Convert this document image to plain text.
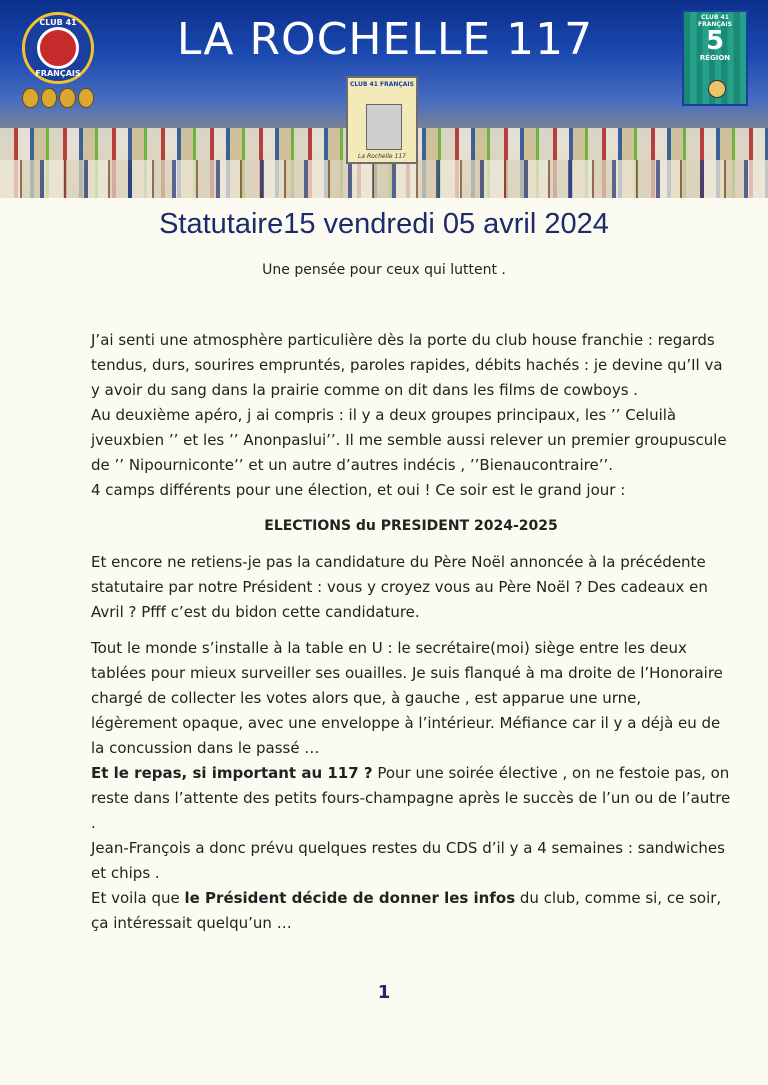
CLUB 41
FRANÇAIS
LA ROCHELLE 117
CLUB 41 FRANÇAIS
La Rochelle 117
CLUB 41 FRANÇAIS
5
RÉGION
Statutaire15 vendredi 05 avril 2024

Une pensée pour ceux qui luttent .

J’ai senti une atmosphère particulière dès la porte du club house franchie : regards tendus, durs, sourires empruntés, paroles rapides, débits hachés : je devine qu’Il va y avoir du sang dans la prairie comme on dit dans les films de cowboys .

Au deuxième apéro, j ai compris : il y a deux groupes principaux, les ’’ Celuilà jveuxbien ’’ et les ’’ Anonpaslui’’. Il me semble aussi relever un premier groupuscule de ’’ Nipourniconte’’ et un autre d’autres indécis , ’’Bienaucontraire’’.

4 camps différents pour une élection, et oui ! Ce soir est le grand jour :

ELECTIONS du PRESIDENT 2024-2025

Et encore ne retiens-je pas la candidature du Père Noël annoncée à la précédente statutaire par notre Président : vous y croyez vous au Père Noël ? Des cadeaux en Avril ? Pfff c’est du bidon cette candidature.

Tout le monde s’installe à la table en U : le secrétaire(moi) siège entre les deux tablées pour mieux surveiller ses ouailles. Je suis flanqué à ma droite de l’Honoraire chargé de collecter les votes alors que, à gauche , est apparue une urne, légèrement opaque, avec une enveloppe à l’intérieur. Méfiance car il y a déjà eu de la concussion dans le passé …

Et le repas, si important au 117 ? Pour une soirée élective , on ne festoie pas, on reste dans l’attente des petits fours-champagne après le succès de l’un ou de l’autre .

Jean-François a donc prévu quelques restes du CDS d’il y a 4 semaines : sandwiches et chips .

Et voila que le Président décide de donner les infos du club, comme si, ce soir, ça intéressait quelqu’un …

1
